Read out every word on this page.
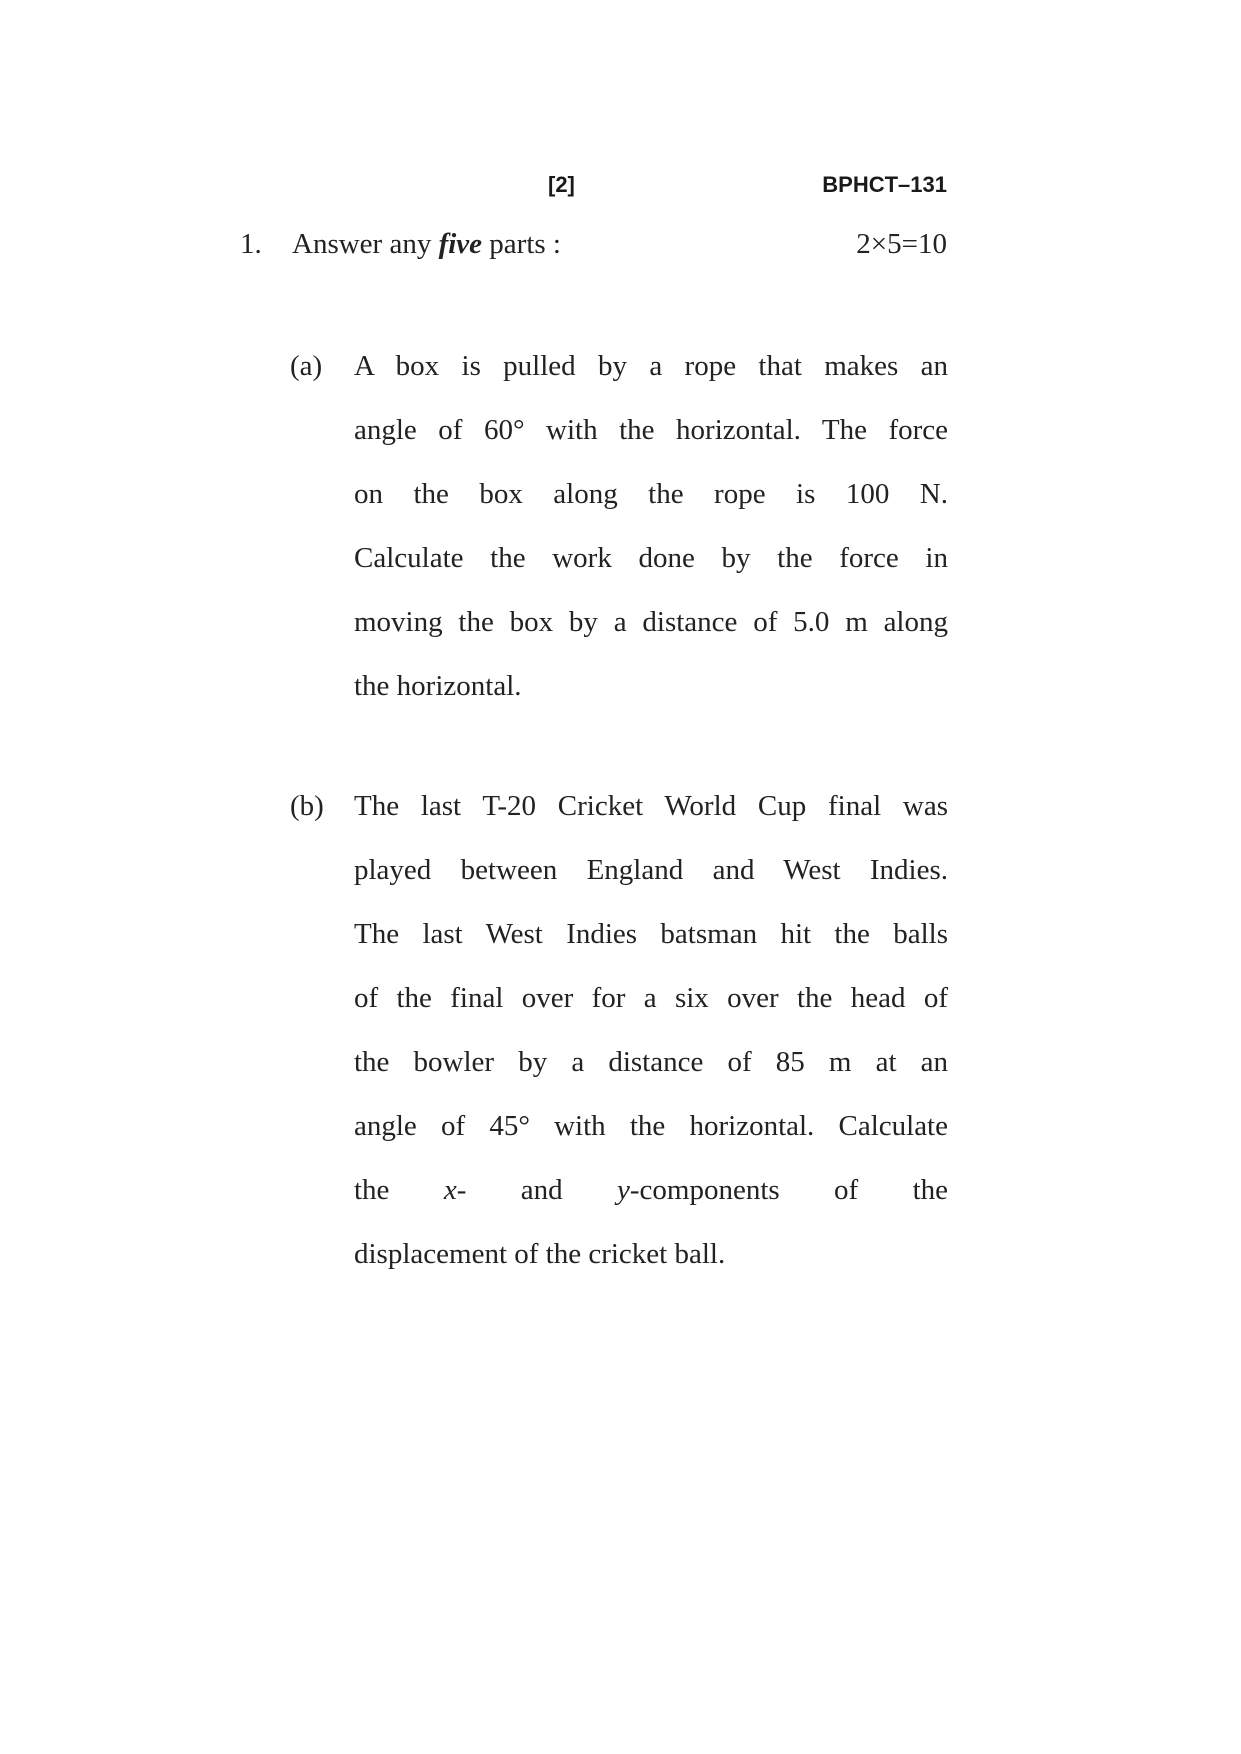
[2]	BPHCT–131
1. Answer any five parts :	2×5=10
(a) A box is pulled by a rope that makes an
angle of 60° with the horizontal. The force
on the box along the rope is 100 N.
Calculate the work done by the force in
moving the box by a distance of 5.0 m along
the horizontal.
(b) The last T-20 Cricket World Cup final was
played between England and West Indies.
The last West Indies batsman hit the balls
of the final over for a six over the head of
the bowler by a distance of 85 m at an
angle of 45° with the horizontal. Calculate
the x- and y-components of the
displacement of the cricket ball.
